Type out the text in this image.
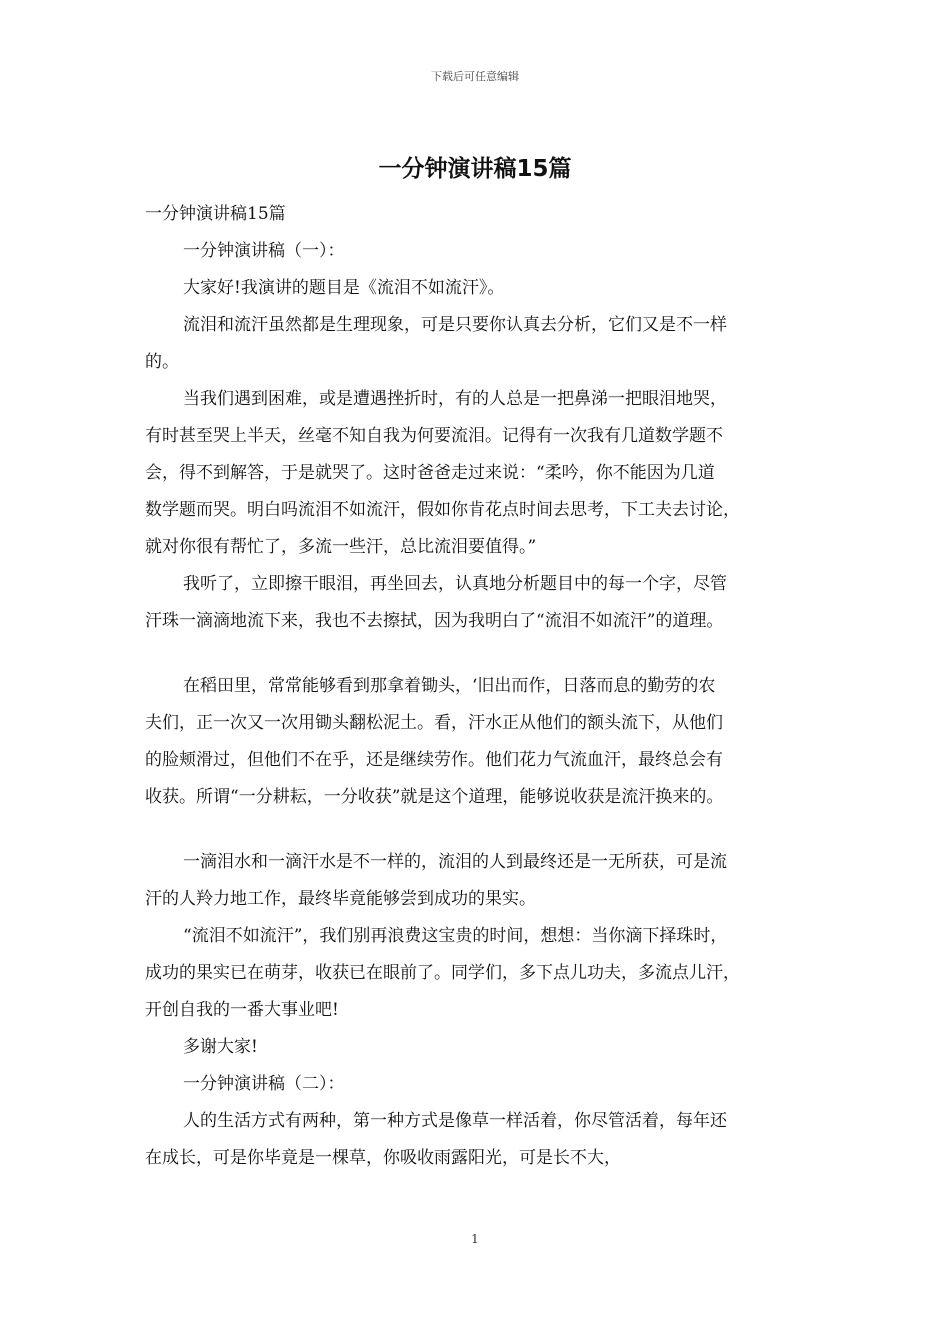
下载后可任意编辑
一分钟演讲稿15篇

一分钟演讲稿15篇

一分钟演讲稿（一）：

大家好!我演讲的题目是《流泪不如流汗》。

流泪和流汗虽然都是生理现象，可是只要你认真去分析，它们又是不一样

的。

当我们遇到困难，或是遭遇挫折时，有的人总是一把鼻涕一把眼泪地哭，

有时甚至哭上半天，丝毫不知自我为何要流泪。记得有一次我有几道数学题不

会，得不到解答，于是就哭了。这时爸爸走过来说：“柔吟，你不能因为几道

数学题而哭。明白吗流泪不如流汗，假如你肯花点时间去思考，下工夫去讨论，

就对你很有帮忙了，多流一些汗，总比流泪要值得。”

我听了，立即擦干眼泪，再坐回去，认真地分析题目中的每一个字，尽管

汗珠一滴滴地流下来，我也不去擦拭，因为我明白了“流泪不如流汗”的道理。

在稻田里，常常能够看到那拿着锄头，‘旧出而作，日落而息的勤劳的农

夫们，正一次又一次用锄头翻松泥土。看，汗水正从他们的额头流下，从他们

的脸颊滑过，但他们不在乎，还是继续劳作。他们花力气流血汗，最终总会有

收获。所谓“一分耕耘，一分收获”就是这个道理，能够说收获是流汗换来的。

一滴泪水和一滴汗水是不一样的，流泪的人到最终还是一无所获，可是流

汗的人羚力地工作，最终毕竟能够尝到成功的果实。

“流泪不如流汗”，我们别再浪费这宝贵的时间，想想：当你滴下择珠时，

成功的果实已在萌芽，收获已在眼前了。同学们，多下点儿功夫，多流点儿汗，

开创自我的一番大事业吧!

多谢大家!

一分钟演讲稿（二）：

人的生活方式有两种，第一种方式是像草一样活着，你尽管活着，每年还

在成长，可是你毕竟是一棵草，你吸收雨露阳光，可是长不大，

1
